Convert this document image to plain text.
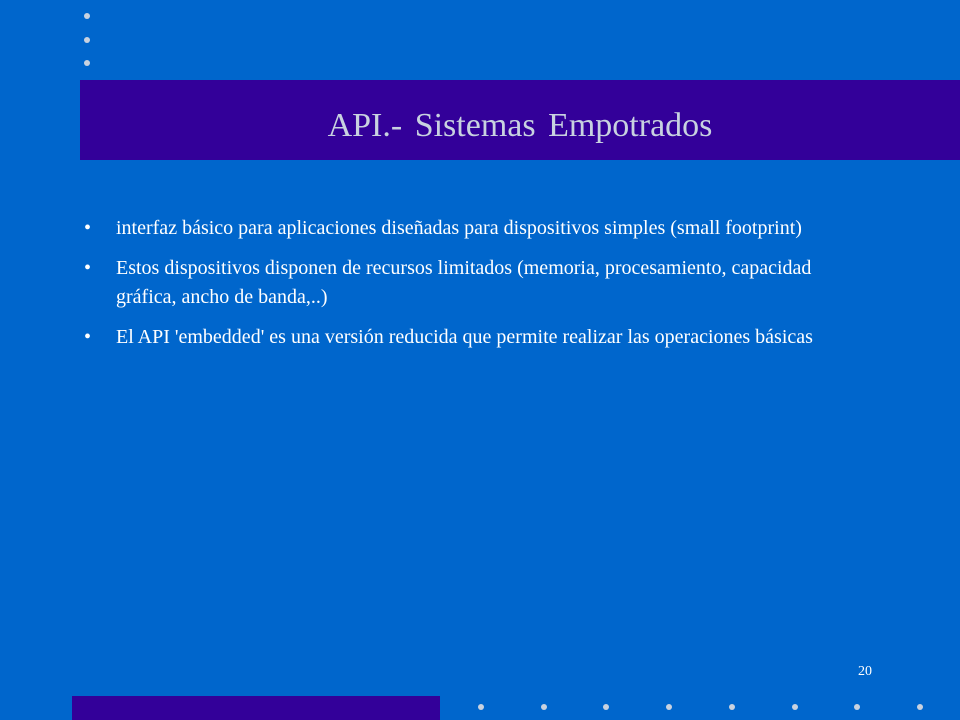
API.- Sistemas Empotrados
• interfaz básico para aplicaciones diseñadas para dispositivos simples (small footprint)
• Estos dispositivos disponen de recursos limitados (memoria, procesamiento, capacidad gráfica, ancho de banda,..)
• El API 'embedded' es una versión reducida que permite realizar las operaciones básicas
20
